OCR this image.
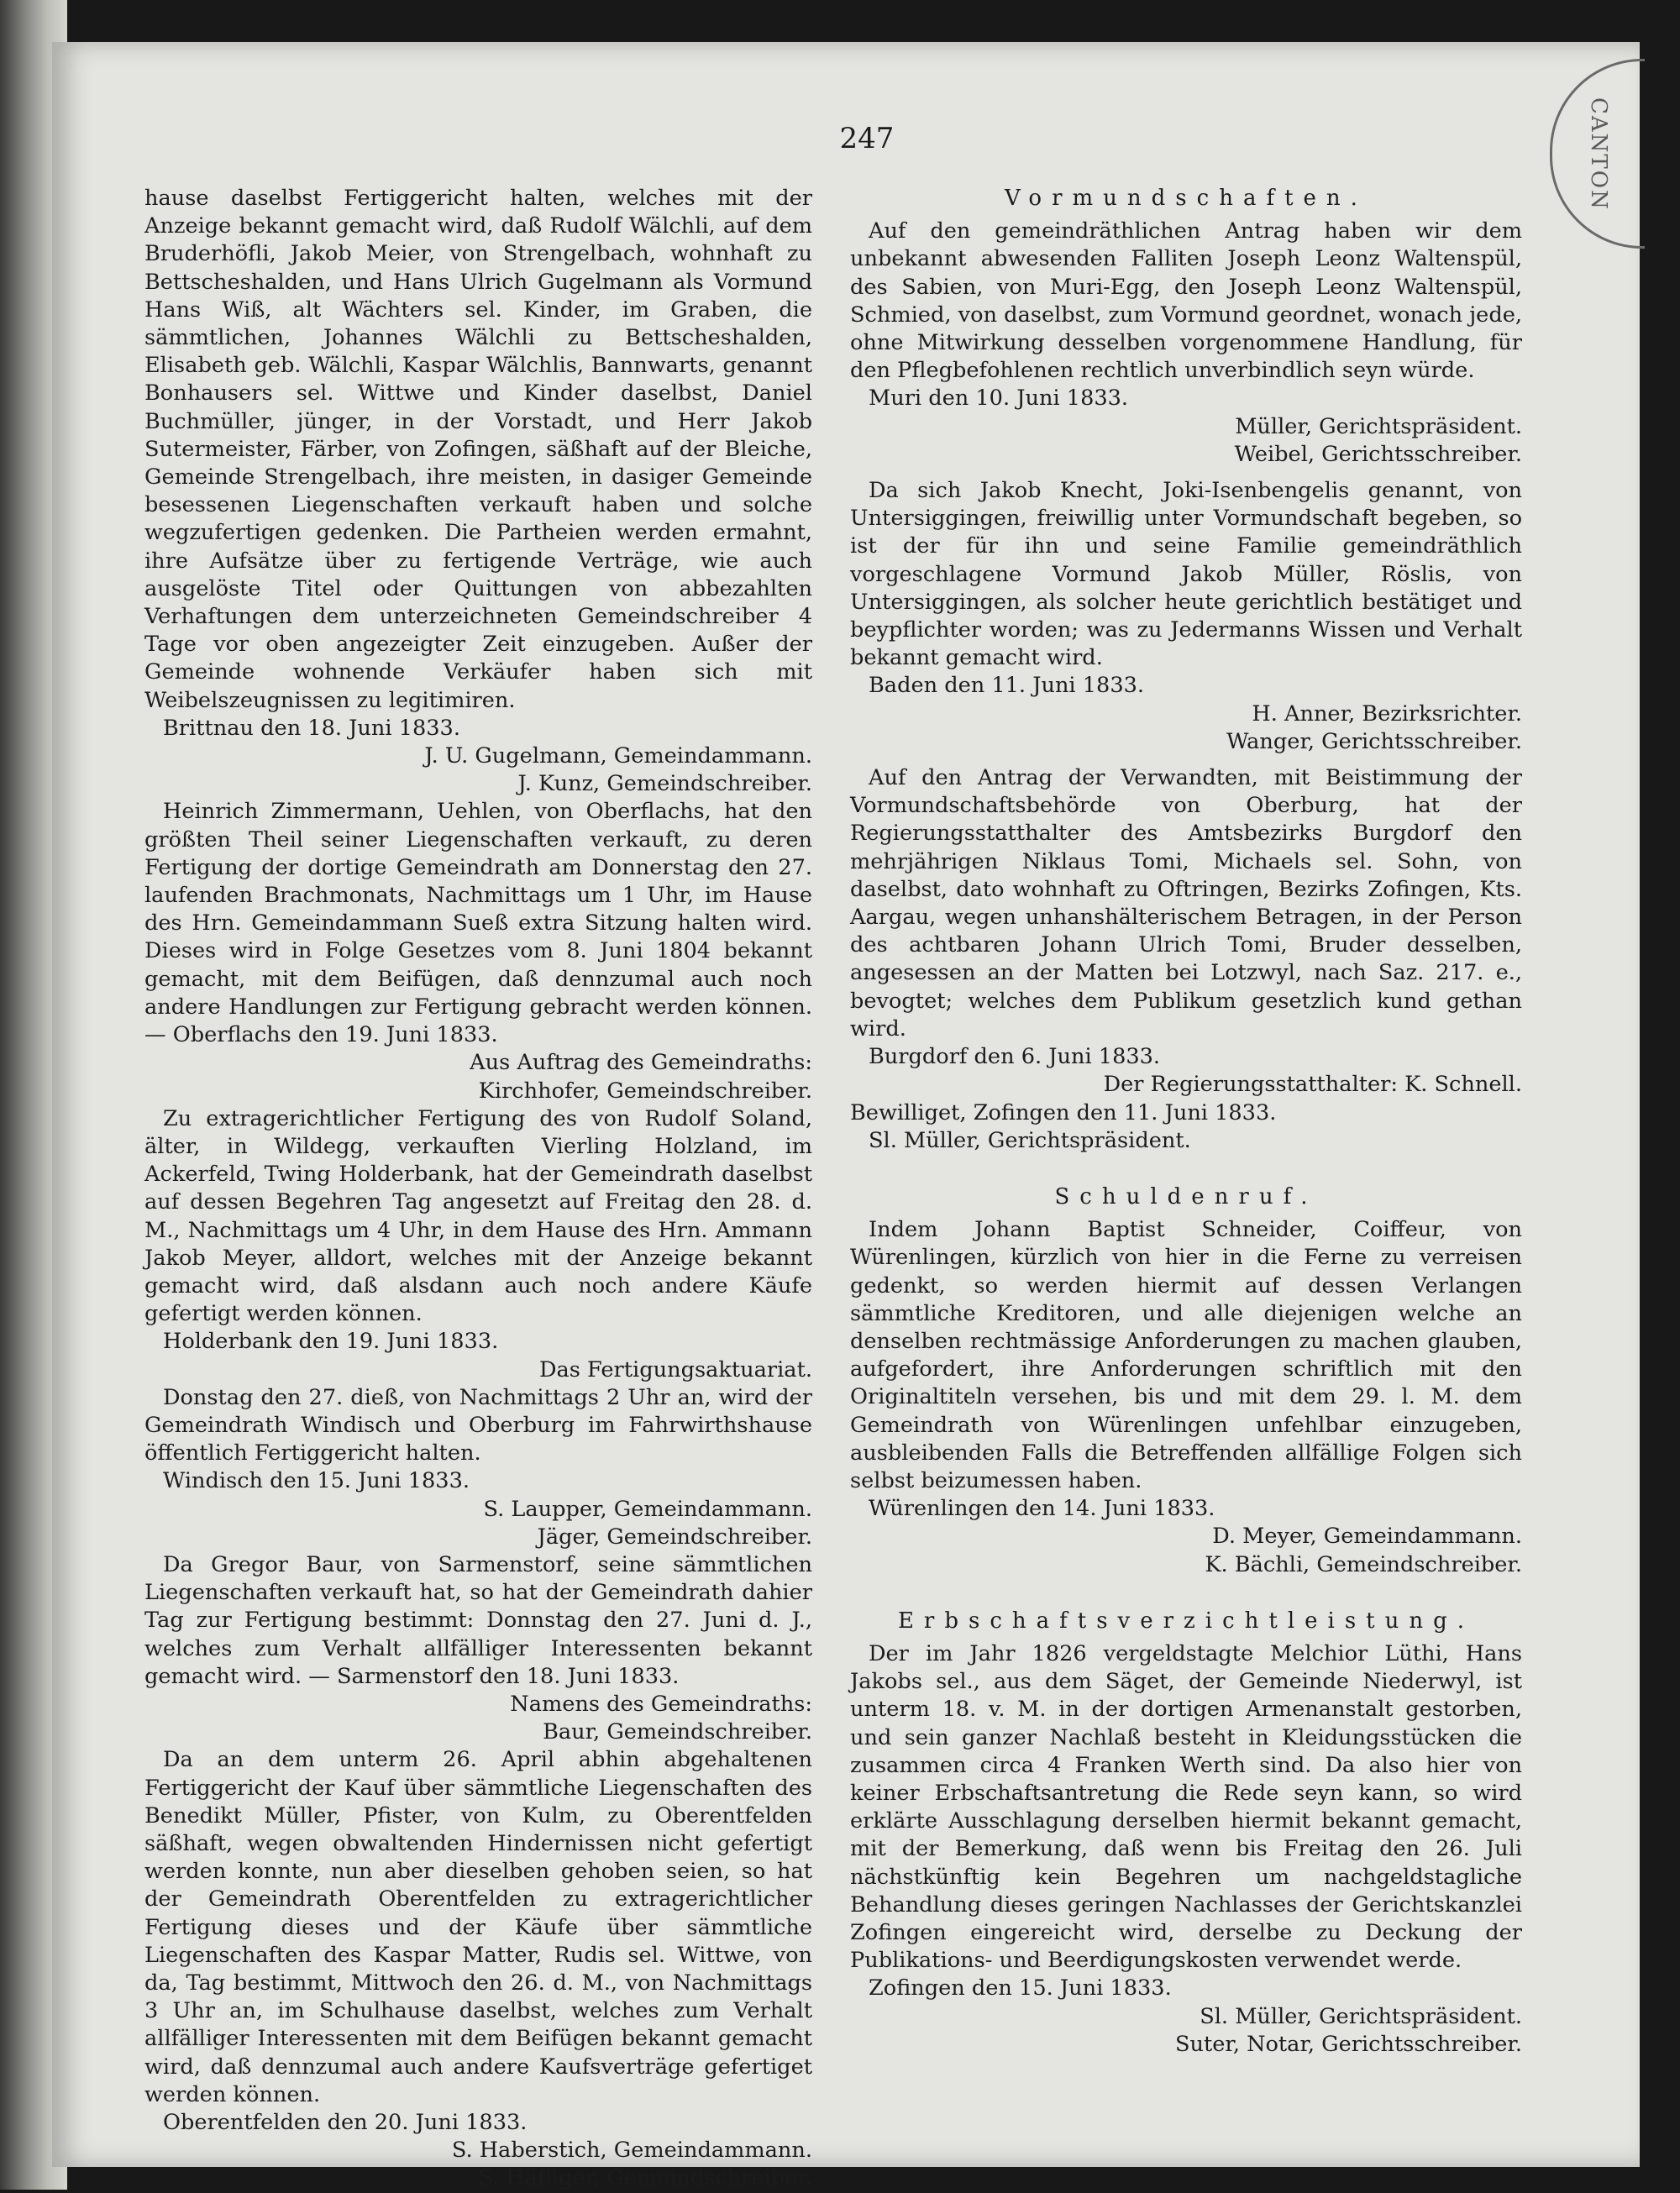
CANTON
247

hause daselbst Fertiggericht halten, welches mit der Anzeige bekannt gemacht wird, daß Rudolf Wälchli, auf dem Bruderhöfli, Jakob Meier, von Strengelbach, wohnhaft zu Bettscheshalden, und Hans Ulrich Gugelmann als Vormund Hans Wiß, alt Wächters sel. Kinder, im Graben, die sämmtlichen, Johannes Wälchli zu Bettscheshalden, Elisabeth geb. Wälchli, Kaspar Wälchlis, Bannwarts, genannt Bonhausers sel. Wittwe und Kinder daselbst, Daniel Buchmüller, jünger, in der Vorstadt, und Herr Jakob Sutermeister, Färber, von Zofingen, säßhaft auf der Bleiche, Gemeinde Strengelbach, ihre meisten, in dasiger Gemeinde besessenen Liegenschaften verkauft haben und solche wegzufertigen gedenken. Die Partheien werden ermahnt, ihre Aufsätze über zu fertigende Verträge, wie auch ausgelöste Titel oder Quittungen von abbezahlten Verhaftungen dem unterzeichneten Gemeindschreiber 4 Tage vor oben angezeigter Zeit einzugeben. Außer der Gemeinde wohnende Verkäufer haben sich mit Weibelszeugnissen zu legitimiren.

Brittnau den 18. Juni 1833.

J. U. Gugelmann, Gemeindammann.

J. Kunz, Gemeindschreiber.

Heinrich Zimmermann, Uehlen, von Oberflachs, hat den größten Theil seiner Liegenschaften verkauft, zu deren Fertigung der dortige Gemeindrath am Donnerstag den 27. laufenden Brachmonats, Nachmittags um 1 Uhr, im Hause des Hrn. Gemeindammann Sueß extra Sitzung halten wird. Dieses wird in Folge Gesetzes vom 8. Juni 1804 bekannt gemacht, mit dem Beifügen, daß dennzumal auch noch andere Handlungen zur Fertigung gebracht werden können. — Oberflachs den 19. Juni 1833.

Aus Auftrag des Gemeindraths:

Kirchhofer, Gemeindschreiber.

Zu extragerichtlicher Fertigung des von Rudolf Soland, älter, in Wildegg, verkauften Vierling Holzland, im Ackerfeld, Twing Holderbank, hat der Gemeindrath daselbst auf dessen Begehren Tag angesetzt auf Freitag den 28. d. M., Nachmittags um 4 Uhr, in dem Hause des Hrn. Ammann Jakob Meyer, alldort, welches mit der Anzeige bekannt gemacht wird, daß alsdann auch noch andere Käufe gefertigt werden können.

Holderbank den 19. Juni 1833.

Das Fertigungsaktuariat.

Donstag den 27. dieß, von Nachmittags 2 Uhr an, wird der Gemeindrath Windisch und Oberburg im Fahrwirthshause öffentlich Fertiggericht halten.

Windisch den 15. Juni 1833.

S. Laupper, Gemeindammann.

Jäger, Gemeindschreiber.

Da Gregor Baur, von Sarmenstorf, seine sämmtlichen Liegenschaften verkauft hat, so hat der Gemeindrath dahier Tag zur Fertigung bestimmt: Donnstag den 27. Juni d. J., welches zum Verhalt allfälliger Interessenten bekannt gemacht wird. — Sarmenstorf den 18. Juni 1833.

Namens des Gemeindraths:

Baur, Gemeindschreiber.

Da an dem unterm 26. April abhin abgehaltenen Fertiggericht der Kauf über sämmtliche Liegenschaften des Benedikt Müller, Pfister, von Kulm, zu Oberentfelden säßhaft, wegen obwaltenden Hindernissen nicht gefertigt werden konnte, nun aber dieselben gehoben seien, so hat der Gemeindrath Oberentfelden zu extragerichtlicher Fertigung dieses und der Käufe über sämmtliche Liegenschaften des Kaspar Matter, Rudis sel. Wittwe, von da, Tag bestimmt, Mittwoch den 26. d. M., von Nachmittags 3 Uhr an, im Schulhause daselbst, welches zum Verhalt allfälliger Interessenten mit dem Beifügen bekannt gemacht wird, daß dennzumal auch andere Kaufsverträge gefertiget werden können.

Oberentfelden den 20. Juni 1833.

S. Haberstich, Gemeindammann.

S. Häfliger, Gemeindschreiber.

Vormundschaften.

Auf den gemeindräthlichen Antrag haben wir dem unbekannt abwesenden Falliten Joseph Leonz Waltenspül, des Sabien, von Muri-Egg, den Joseph Leonz Waltenspül, Schmied, von daselbst, zum Vormund geordnet, wonach jede, ohne Mitwirkung desselben vorgenommene Handlung, für den Pflegbefohlenen rechtlich unverbindlich seyn würde.

Muri den 10. Juni 1833.

Müller, Gerichtspräsident.

Weibel, Gerichtsschreiber.

Da sich Jakob Knecht, Joki-Isenbengelis genannt, von Untersiggingen, freiwillig unter Vormundschaft begeben, so ist der für ihn und seine Familie gemeindräthlich vorgeschlagene Vormund Jakob Müller, Röslis, von Untersiggingen, als solcher heute gerichtlich bestätiget und beypflichter worden; was zu Jedermanns Wissen und Verhalt bekannt gemacht wird.

Baden den 11. Juni 1833.

H. Anner, Bezirksrichter.

Wanger, Gerichtsschreiber.

Auf den Antrag der Verwandten, mit Beistimmung der Vormundschaftsbehörde von Oberburg, hat der Regierungsstatthalter des Amtsbezirks Burgdorf den mehrjährigen Niklaus Tomi, Michaels sel. Sohn, von daselbst, dato wohnhaft zu Oftringen, Bezirks Zofingen, Kts. Aargau, wegen unhanshälterischem Betragen, in der Person des achtbaren Johann Ulrich Tomi, Bruder desselben, angesessen an der Matten bei Lotzwyl, nach Saz. 217. e., bevogtet; welches dem Publikum gesetzlich kund gethan wird.

Burgdorf den 6. Juni 1833.

Der Regierungsstatthalter: K. Schnell.

Bewilliget, Zofingen den 11. Juni 1833.

Sl. Müller, Gerichtspräsident.

Schuldenruf.

Indem Johann Baptist Schneider, Coiffeur, von Würenlingen, kürzlich von hier in die Ferne zu verreisen gedenkt, so werden hiermit auf dessen Verlangen sämmtliche Kreditoren, und alle diejenigen welche an denselben rechtmässige Anforderungen zu machen glauben, aufgefordert, ihre Anforderungen schriftlich mit den Originaltiteln versehen, bis und mit dem 29. l. M. dem Gemeindrath von Würenlingen unfehlbar einzugeben, ausbleibenden Falls die Betreffenden allfällige Folgen sich selbst beizumessen haben.

Würenlingen den 14. Juni 1833.

D. Meyer, Gemeindammann.

K. Bächli, Gemeindschreiber.

Erbschaftsverzichtleistung.

Der im Jahr 1826 vergeldstagte Melchior Lüthi, Hans Jakobs sel., aus dem Säget, der Gemeinde Niederwyl, ist unterm 18. v. M. in der dortigen Armenanstalt gestorben, und sein ganzer Nachlaß besteht in Kleidungsstücken die zusammen circa 4 Franken Werth sind. Da also hier von keiner Erbschaftsantretung die Rede seyn kann, so wird erklärte Ausschlagung derselben hiermit bekannt gemacht, mit der Bemerkung, daß wenn bis Freitag den 26. Juli nächstkünftig kein Begehren um nachgeldstagliche Behandlung dieses geringen Nachlasses der Gerichtskanzlei Zofingen eingereicht wird, derselbe zu Deckung der Publikations- und Beerdigungskosten verwendet werde.

Zofingen den 15. Juni 1833.

Sl. Müller, Gerichtspräsident.

Suter, Notar, Gerichtsschreiber.
